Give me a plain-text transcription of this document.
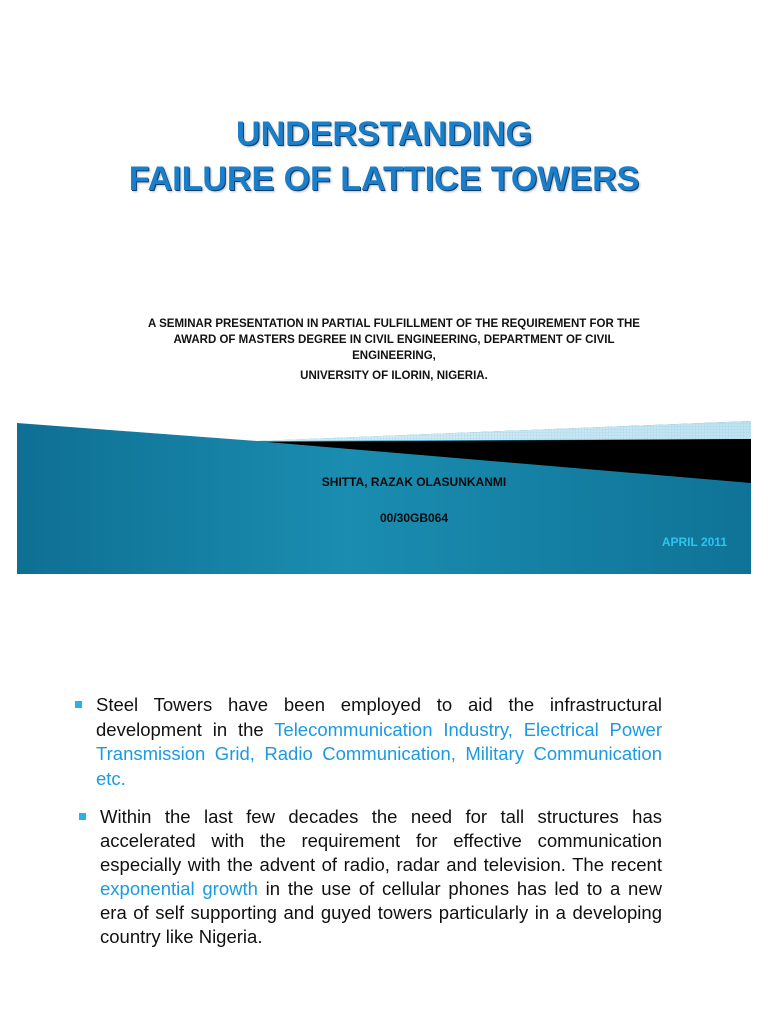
UNDERSTANDING
FAILURE OF LATTICE TOWERS
A SEMINAR PRESENTATION IN PARTIAL FULFILLMENT OF THE REQUIREMENT FOR THE
AWARD OF MASTERS DEGREE IN CIVIL ENGINEERING, DEPARTMENT OF CIVIL
ENGINEERING,
UNIVERSITY OF ILORIN, NIGERIA.
SHITTA, RAZAK OLASUNKANMI
00/30GB064
APRIL 2011
Steel Towers have been employed to aid the infrastructural development in the Telecommunication Industry, Electrical Power Transmission Grid, Radio Communication, Military Communication etc.
Within the last few decades the need for tall structures has accelerated with the requirement for effective communication especially with the advent of radio, radar and television. The recent exponential growth in the use of cellular phones has led to a new era of self supporting and guyed towers particularly in a developing country like Nigeria.
